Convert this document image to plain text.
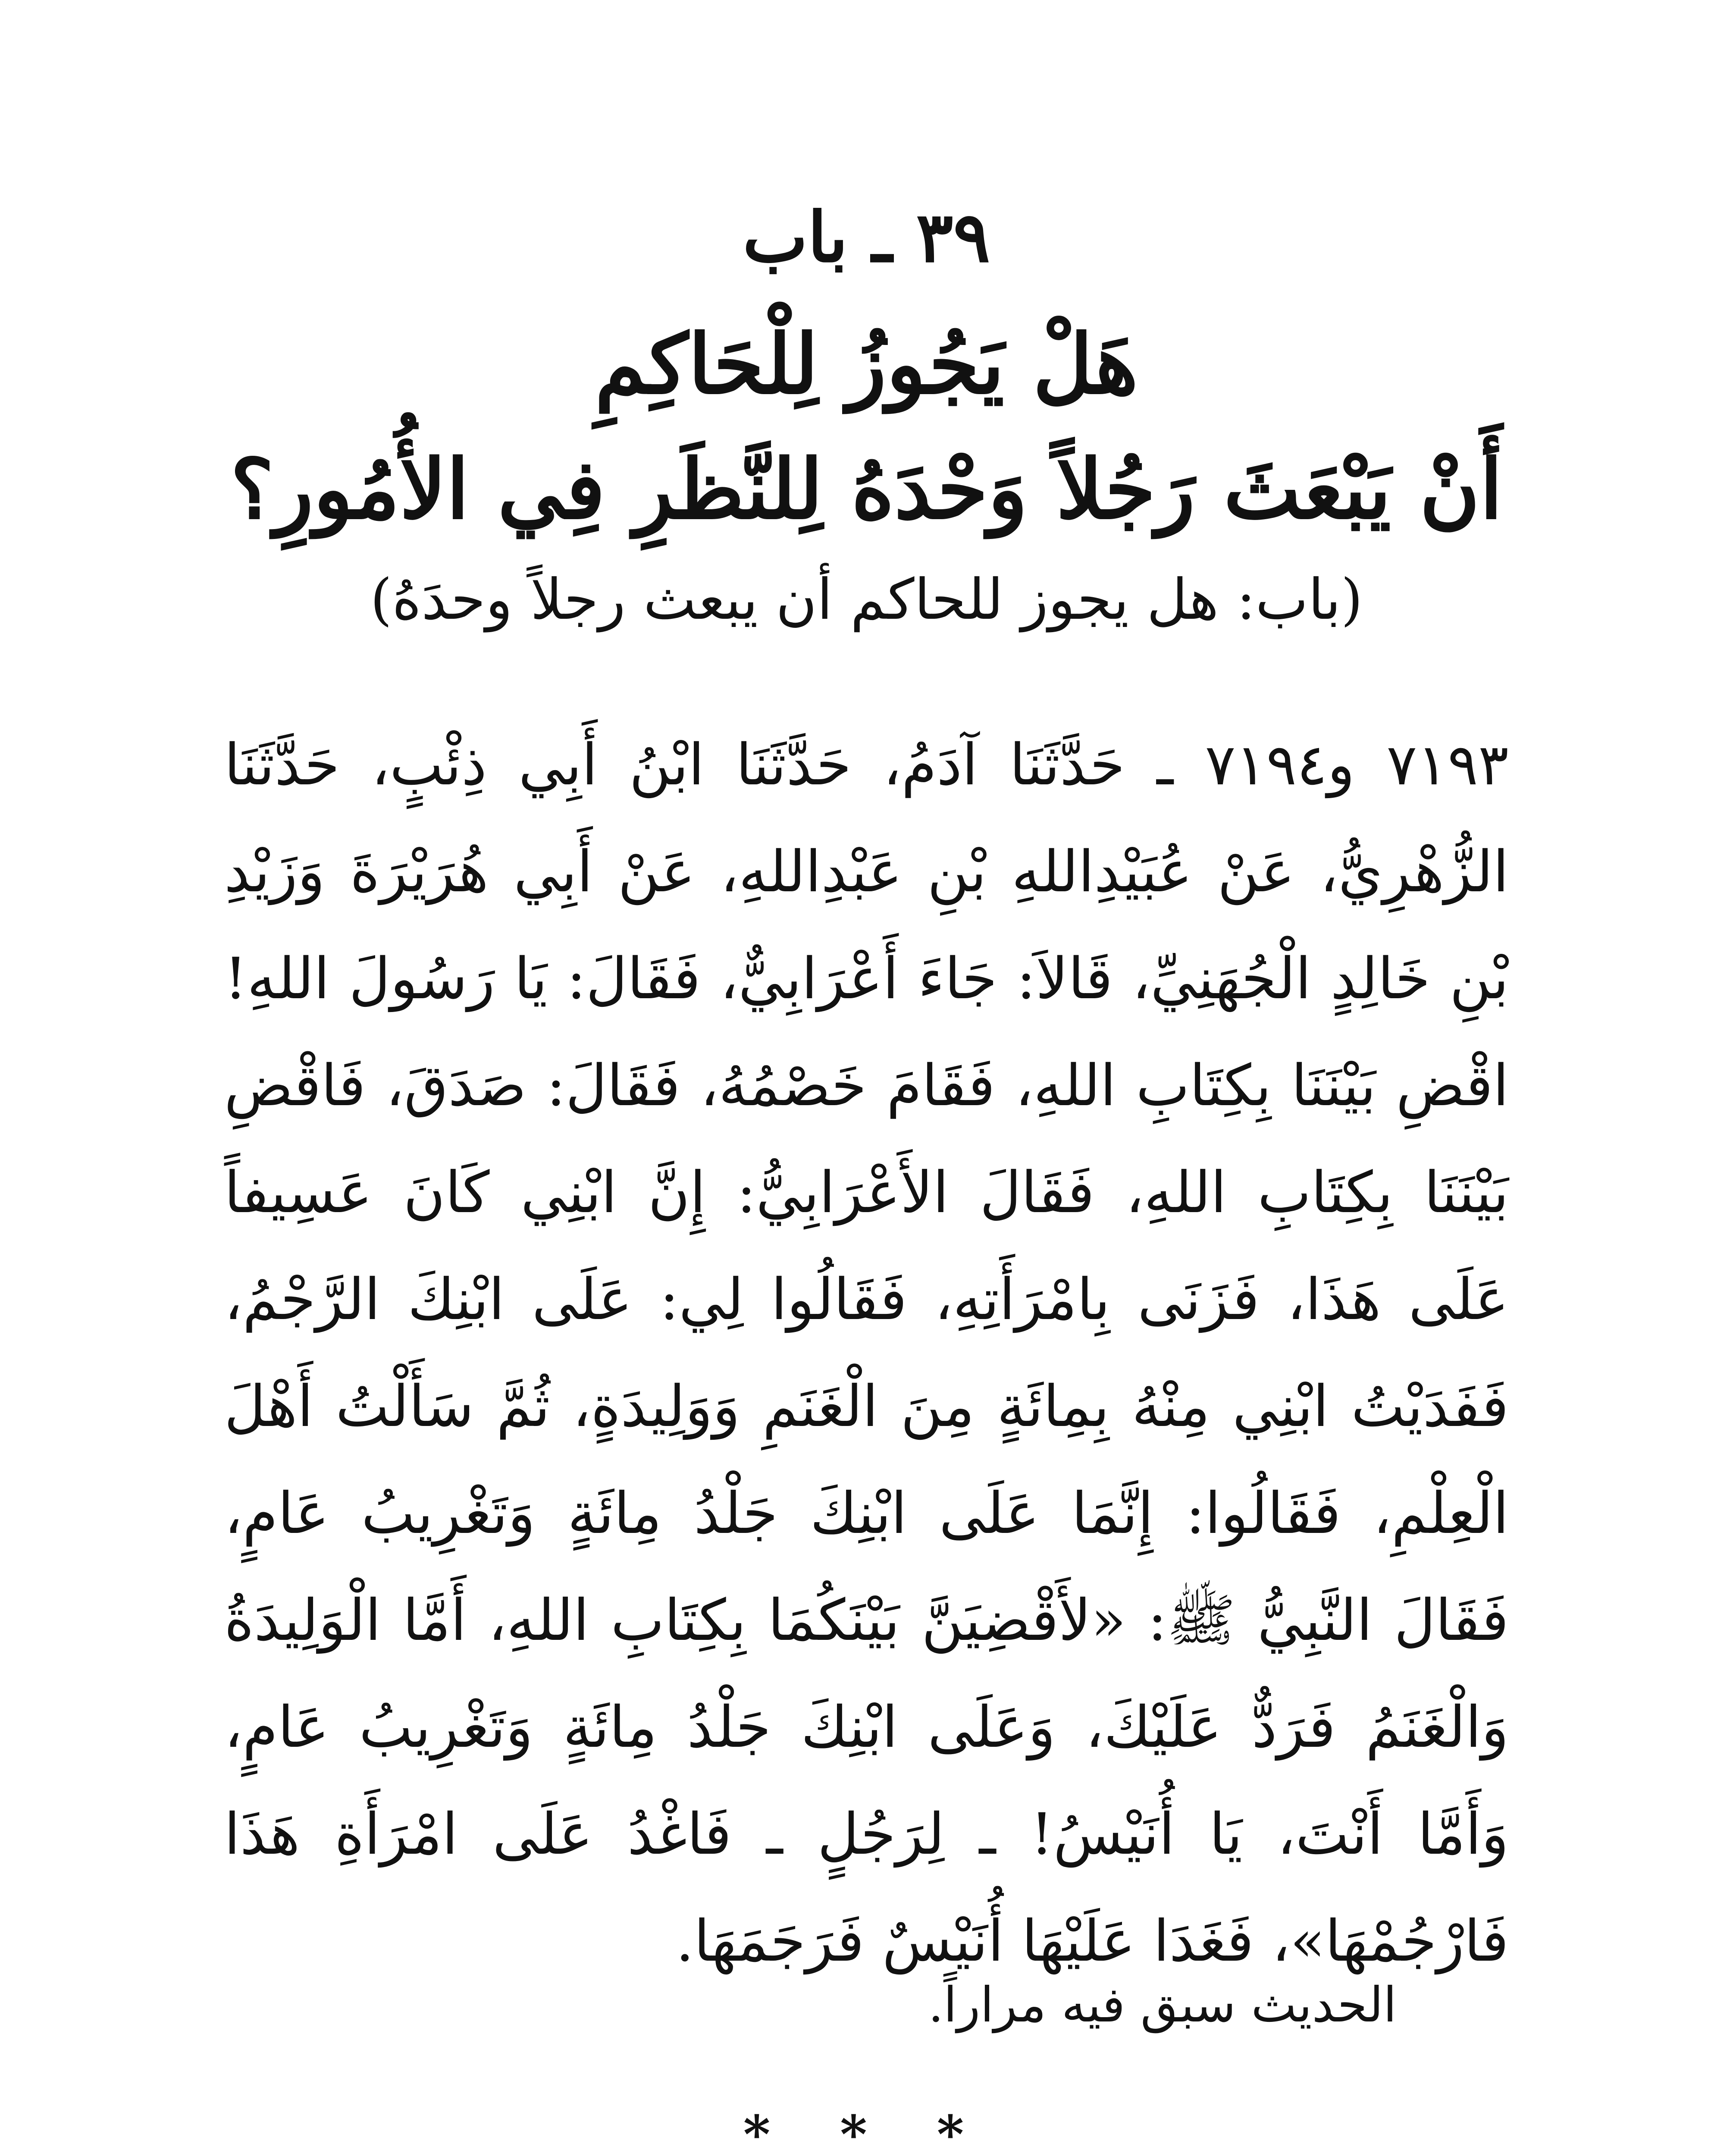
٣٩ ـ باب
هَلْ يَجُوزُ لِلْحَاكِمِ
أَنْ يَبْعَثَ رَجُلاً وَحْدَهُ لِلنَّظَرِ فِي الأُمُورِ؟
(باب: هل يجوز للحاكم أن يبعث رجلاً وحدَهُ)
٧١٩٣ و٧١٩٤ ـ حَدَّثَنَا آدَمُ، حَدَّثَنَا ابْنُ أَبِي ذِئْبٍ، حَدَّثَنَا الزُّهْرِيُّ، عَنْ عُبَيْدِاللهِ بْنِ عَبْدِاللهِ، عَنْ أَبِي هُرَيْرَةَ وَزَيْدِ بْنِ خَالِدٍ الْجُهَنِيِّ، قَالاَ: جَاءَ أَعْرَابِيٌّ، فَقَالَ: يَا رَسُولَ اللهِ! اقْضِ بَيْنَنَا بِكِتَابِ اللهِ، فَقَامَ خَصْمُهُ، فَقَالَ: صَدَقَ، فَاقْضِ بَيْنَنَا بِكِتَابِ اللهِ، فَقَالَ الأَعْرَابِيُّ: إِنَّ ابْنِي كَانَ عَسِيفاً عَلَى هَذَا، فَزَنَى بِامْرَأَتِهِ، فَقَالُوا لِي: عَلَى ابْنِكَ الرَّجْمُ، فَفَدَيْتُ ابْنِي مِنْهُ بِمِائَةٍ مِنَ الْغَنَمِ وَوَلِيدَةٍ، ثُمَّ سَأَلْتُ أَهْلَ الْعِلْمِ، فَقَالُوا: إِنَّمَا عَلَى ابْنِكَ جَلْدُ مِائَةٍ وَتَغْرِيبُ عَامٍ، فَقَالَ النَّبِيُّ ﷺ: «لأَقْضِيَنَّ بَيْنَكُمَا بِكِتَابِ اللهِ، أَمَّا الْوَلِيدَةُ وَالْغَنَمُ فَرَدٌّ عَلَيْكَ، وَعَلَى ابْنِكَ جَلْدُ مِائَةٍ وَتَغْرِيبُ عَامٍ، وَأَمَّا أَنْتَ، يَا أُنَيْسُ! ـ لِرَجُلٍ ـ فَاغْدُ عَلَى امْرَأَةِ هَذَا فَارْجُمْهَا»، فَغَدَا عَلَيْهَا أُنَيْسٌ فَرَجَمَهَا.
الحديث سبق فيه مراراً.
* * *
